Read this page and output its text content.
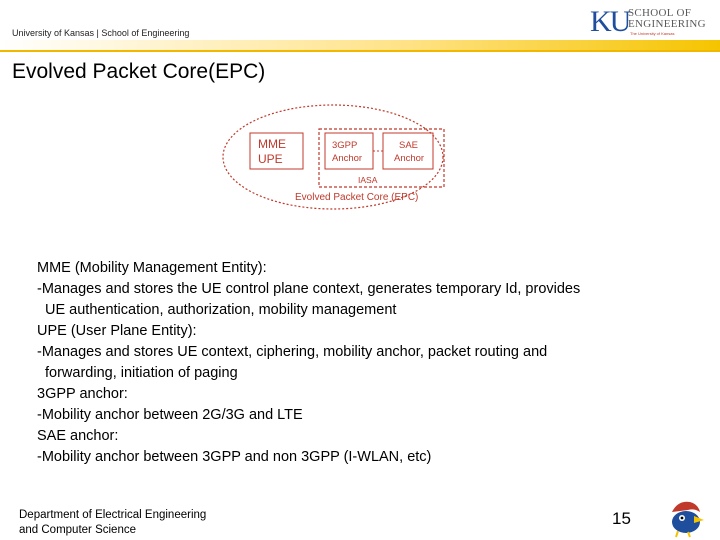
University of Kansas | School of Engineering	KU
SCHOOL OF
ENGINEERING
The University of Kansas
Evolved Packet Core(EPC)
MME
UPE
3GPP
Anchor
SAE
Anchor
IASA
Evolved Packet Core (EPC)
MME (Mobility Management Entity):
-Manages and stores the UE control plane context, generates temporary Id, provides
UE authentication, authorization, mobility management
UPE (User Plane Entity):
-Manages and stores UE context, ciphering, mobility anchor, packet routing and
forwarding, initiation of paging
3GPP anchor:
-Mobility anchor between 2G/3G and LTE
SAE anchor:
-Mobility anchor between 3GPP and non 3GPP (I-WLAN, etc)
Department of Electrical Engineering
and Computer Science
15
